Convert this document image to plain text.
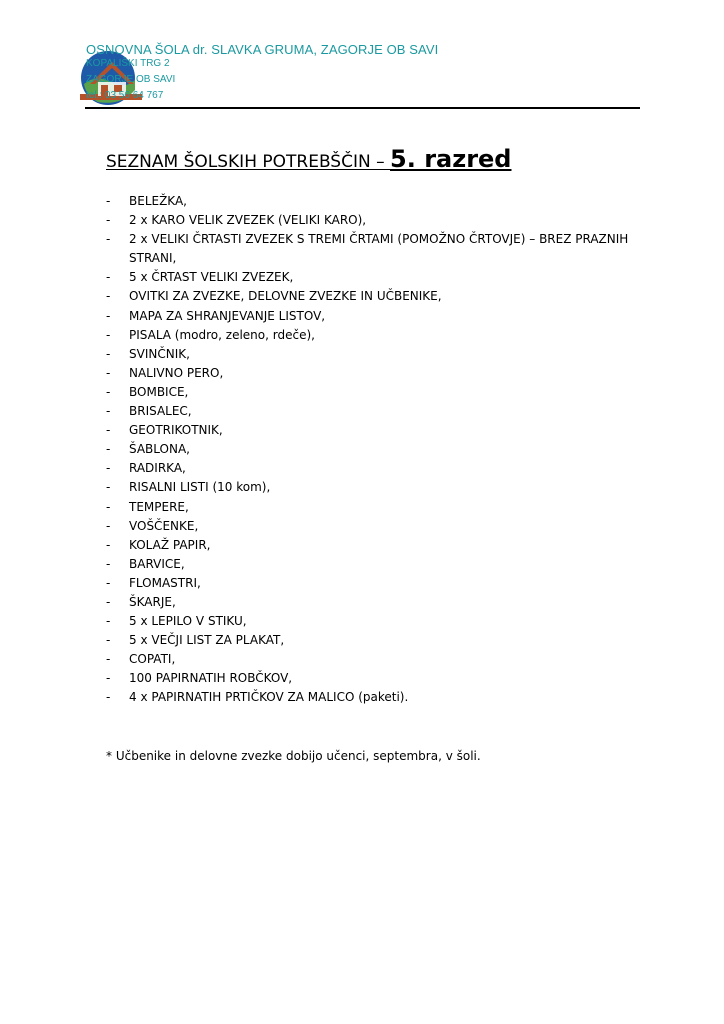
OSNOVNA ŠOLA dr. SLAVKA GRUMA, ZAGORJE OB SAVI
KOPALIŠKI TRG 2
ZAGORJE OB SAVI
tel.: 03 56 64 767
SEZNAM ŠOLSKIH POTREBŠČIN – 5. razred
- BELEŽKA,
- 2 x KARO VELIK ZVEZEK (VELIKI KARO),
- 2 x VELIKI ČRTASTI ZVEZEK S TREMI ČRTAMI (POMOŽNO ČRTOVJE) – BREZ PRAZNIH STRANI,
- 5 x ČRTAST VELIKI ZVEZEK,
- OVITKI ZA ZVEZKE, DELOVNE ZVEZKE IN UČBENIKE,
- MAPA ZA SHRANJEVANJE LISTOV,
- PISALA (modro, zeleno, rdeče),
- SVINČNIK,
- NALIVNO PERO,
- BOMBICE,
- BRISALEC,
- GEOTRIKOTNIK,
- ŠABLONA,
- RADIRKA,
- RISALNI LISTI (10 kom),
- TEMPERE,
- VOŠČENKE,
- KOLAŽ PAPIR,
- BARVICE,
- FLOMASTRI,
- ŠKARJE,
- 5 x LEPILO V STIKU,
- 5 x VEČJI LIST ZA PLAKAT,
- COPATI,
- 100 PAPIRNATIH ROBČKOV,
- 4 x PAPIRNATIH PRTIČKOV ZA MALICO (paketi).
* Učbenike in delovne zvezke dobijo učenci, septembra, v šoli.
